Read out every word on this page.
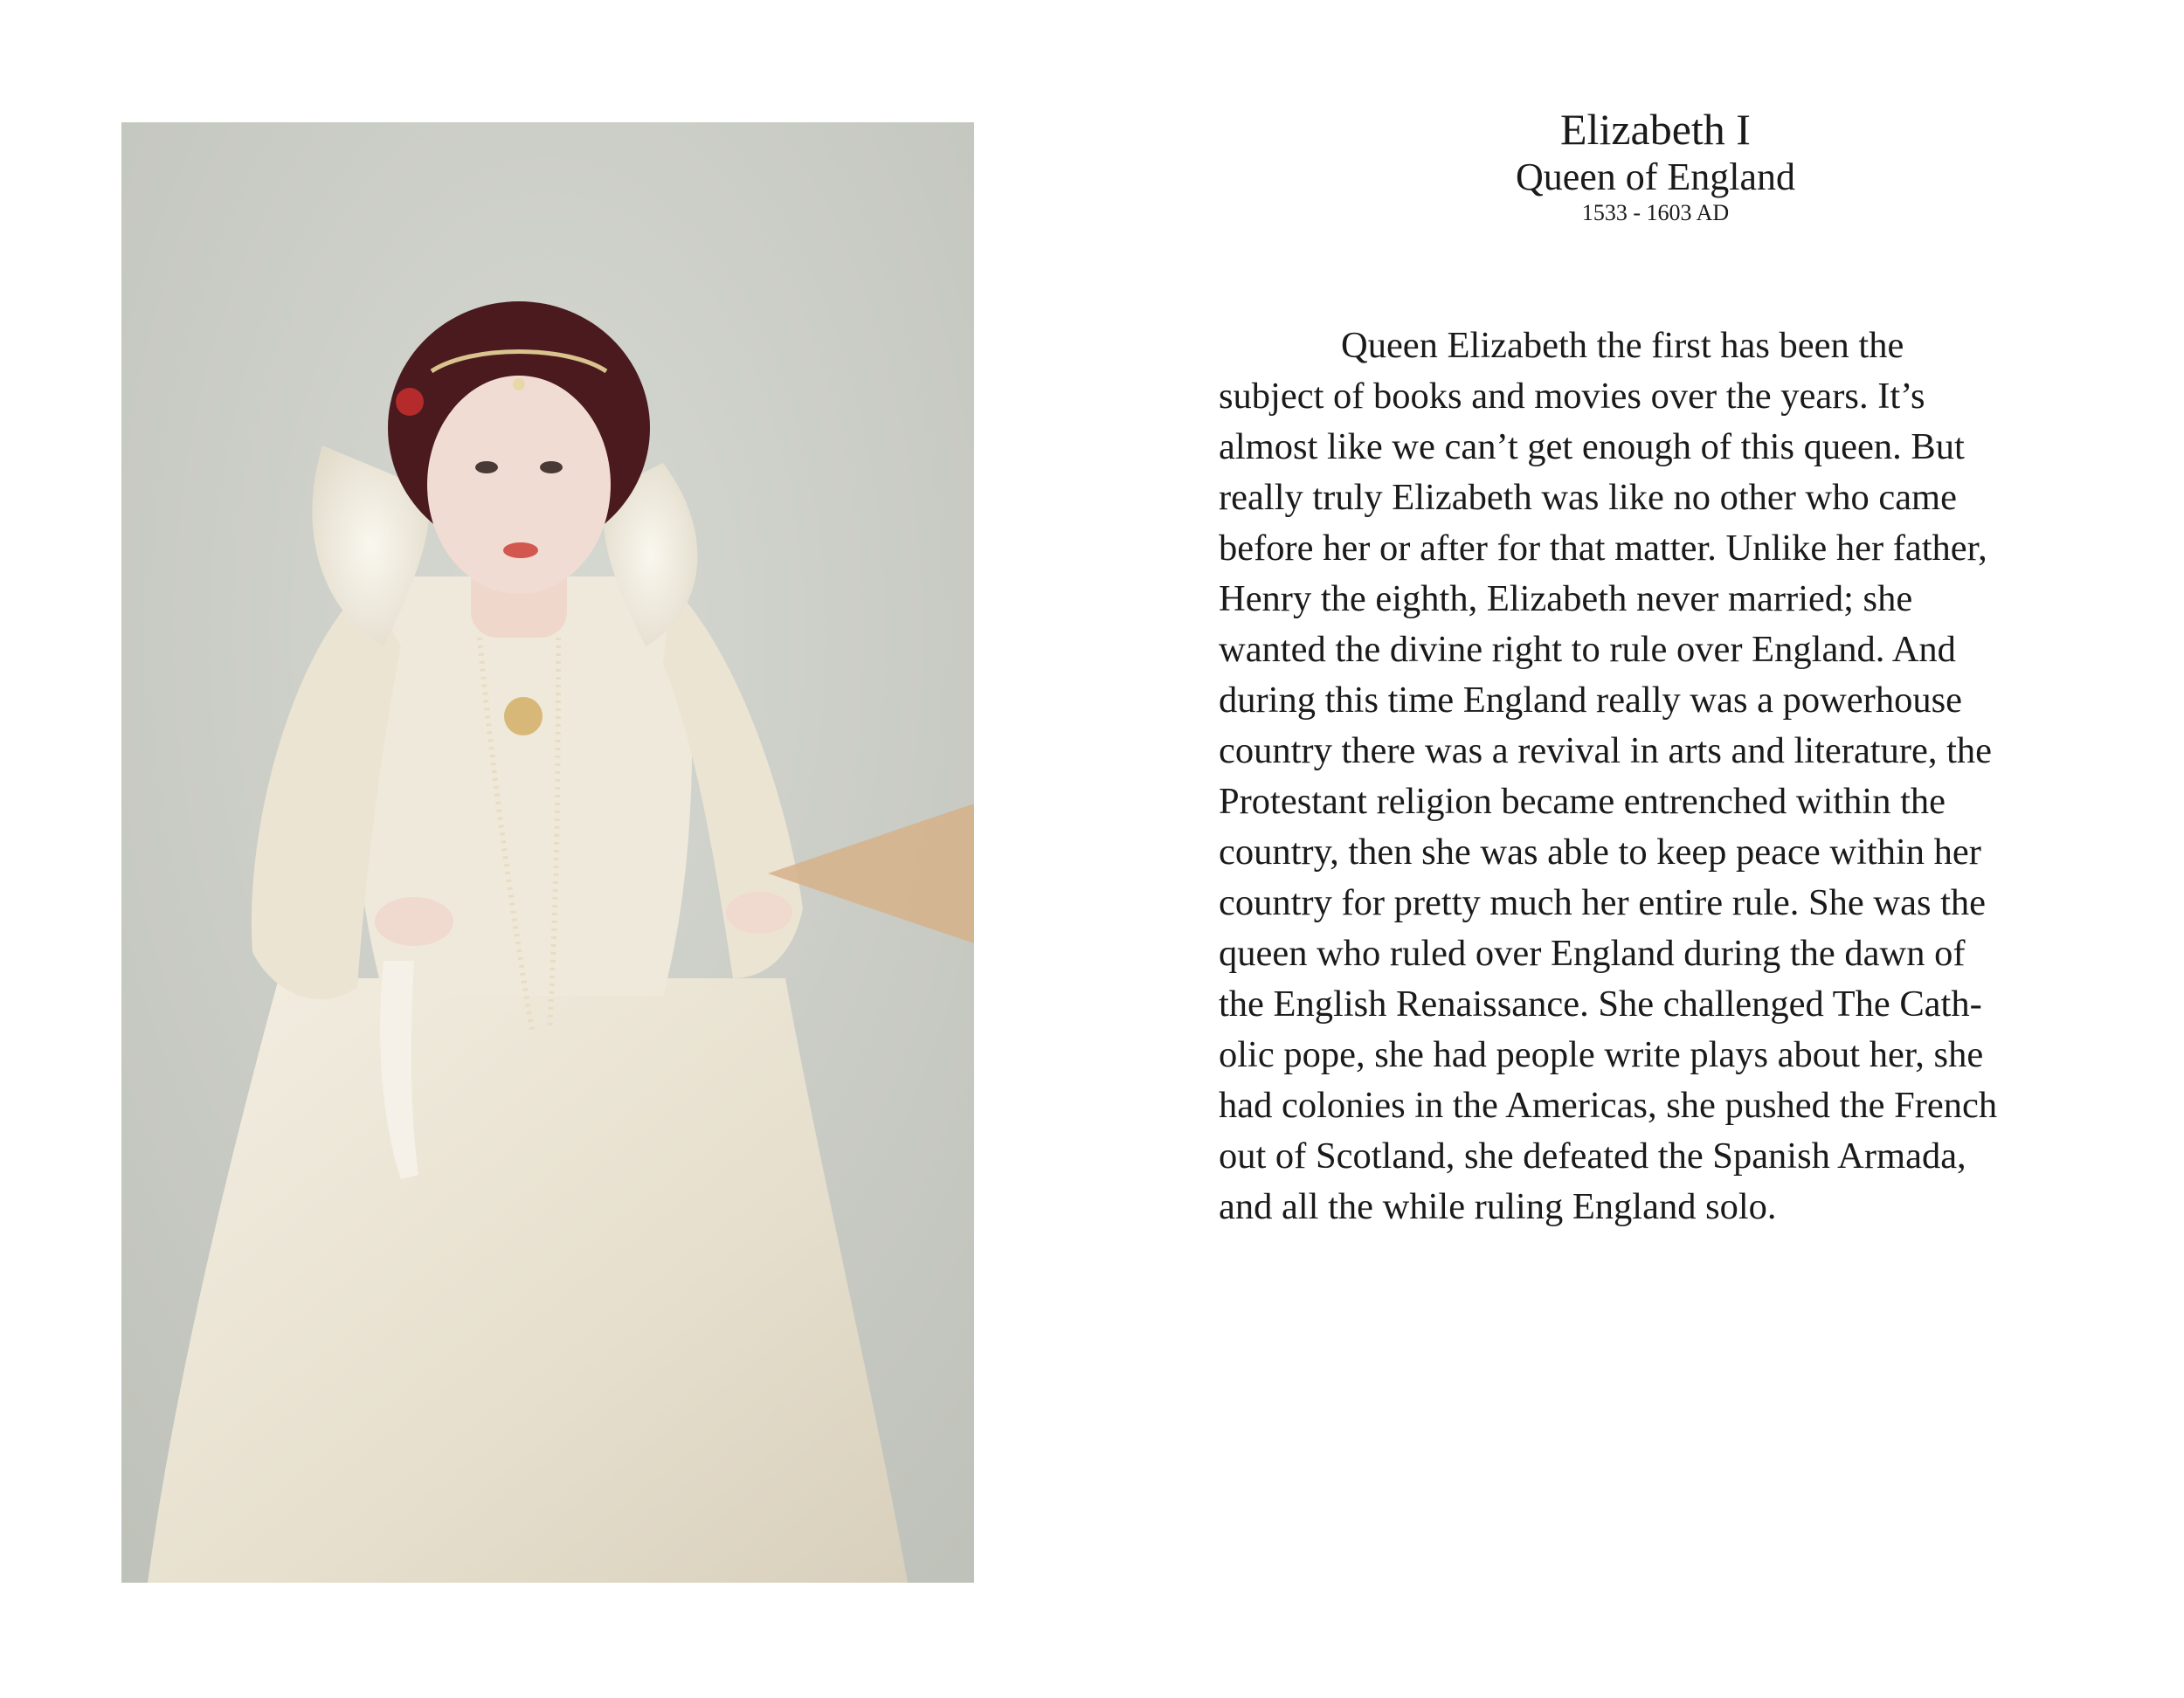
Elizabeth I
Queen of England

1533 - 1603 AD

Queen Elizabeth the first has been the
subject of books and movies over the years. It’s
almost like we can’t get enough of this queen. But
really truly Elizabeth was like no other who came
before her or after for that matter. Unlike her father,
Henry the eighth, Elizabeth never married; she
wanted the divine right to rule over England. And
during this time England really was a powerhouse
country there was a revival in arts and literature, the
Protestant religion became entrenched within the
country, then she was able to keep peace within her
country for pretty much her entire rule. She was the
queen who ruled over England during the dawn of
the English Renaissance. She challenged The Cath-
olic pope, she had people write plays about her, she
had colonies in the Americas, she pushed the French
out of Scotland, she defeated the Spanish Armada,
and all the while ruling England solo.
